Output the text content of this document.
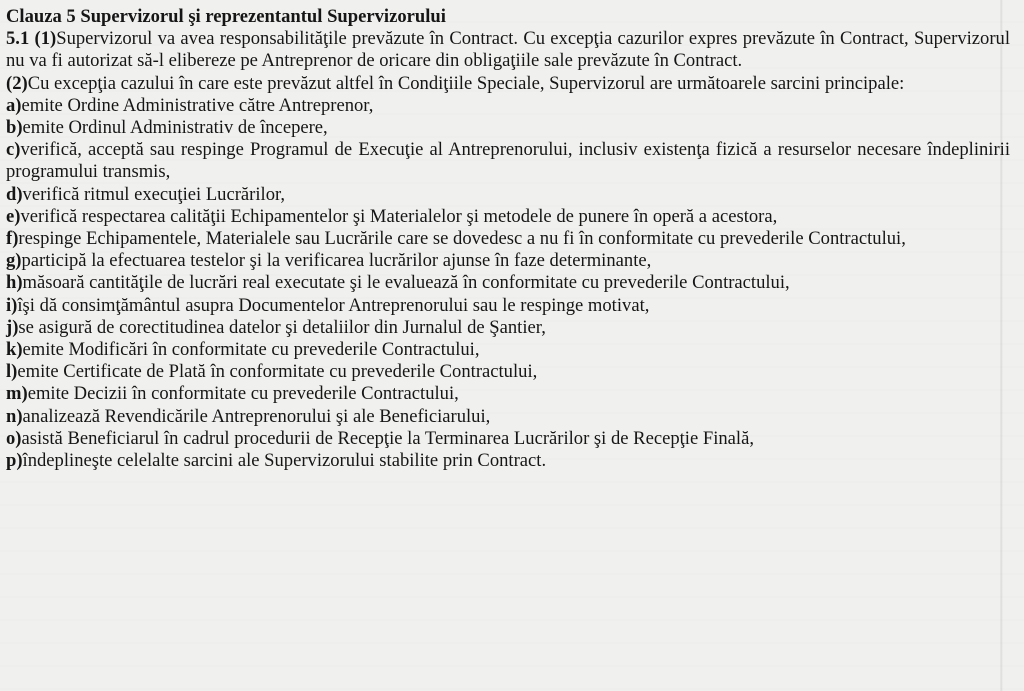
Clauza 5 Supervizorul şi reprezentantul Supervizorului

5.1 (1)Supervizorul va avea responsabilităţile prevăzute în Contract. Cu excepţia cazurilor expres prevăzute în Contract, Supervizorul nu va fi autorizat să-l elibereze pe Antreprenor de oricare din obligaţiile sale prevăzute în Contract.

(2)Cu excepţia cazului în care este prevăzut altfel în Condiţiile Speciale, Supervizorul are următoarele sarcini principale:

a)emite Ordine Administrative către Antreprenor,

b)emite Ordinul Administrativ de începere,

c)verifică, acceptă sau respinge Programul de Execuţie al Antreprenorului, inclusiv existenţa fizică a resurselor necesare îndeplinirii programului transmis,

d)verifică ritmul execuţiei Lucrărilor,

e)verifică respectarea calităţii Echipamentelor şi Materialelor şi metodele de punere în operă a acestora,

f)respinge Echipamentele, Materialele sau Lucrările care se dovedesc a nu fi în conformitate cu prevederile Contractului,

g)participă la efectuarea testelor şi la verificarea lucrărilor ajunse în faze determinante,

h)măsoară cantităţile de lucrări real executate şi le evaluează în conformitate cu prevederile Contractului,

i)îşi dă consimţământul asupra Documentelor Antreprenorului sau le respinge motivat,

j)se asigură de corectitudinea datelor şi detaliilor din Jurnalul de Şantier,

k)emite Modificări în conformitate cu prevederile Contractului,

l)emite Certificate de Plată în conformitate cu prevederile Contractului,

m)emite Decizii în conformitate cu prevederile Contractului,

n)analizează Revendicările Antreprenorului şi ale Beneficiarului,

o)asistă Beneficiarul în cadrul procedurii de Recepţie la Terminarea Lucrărilor şi de Recepţie Finală,

p)îndeplineşte celelalte sarcini ale Supervizorului stabilite prin Contract.
